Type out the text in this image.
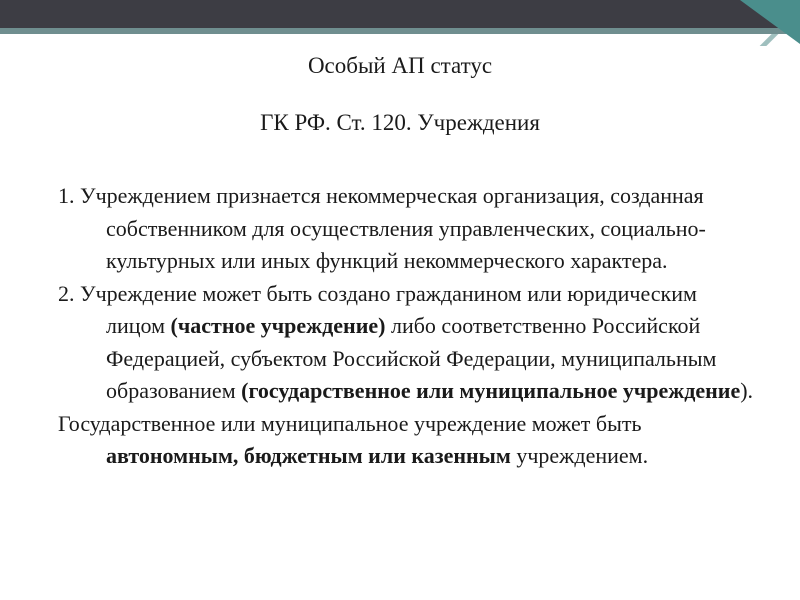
Особый АП статус
ГК РФ. Ст. 120. Учреждения

1. Учреждением признается некоммерческая организация, созданная собственником для осуществления управленческих, социально-культурных или иных функций некоммерческого характера.

2. Учреждение может быть создано гражданином или юридическим лицом (частное учреждение) либо соответственно Российской Федерацией, субъектом Российской Федерации, муниципальным образованием (государственное или муниципальное учреждение).

Государственное или муниципальное учреждение может быть автономным, бюджетным или казенным учреждением.
